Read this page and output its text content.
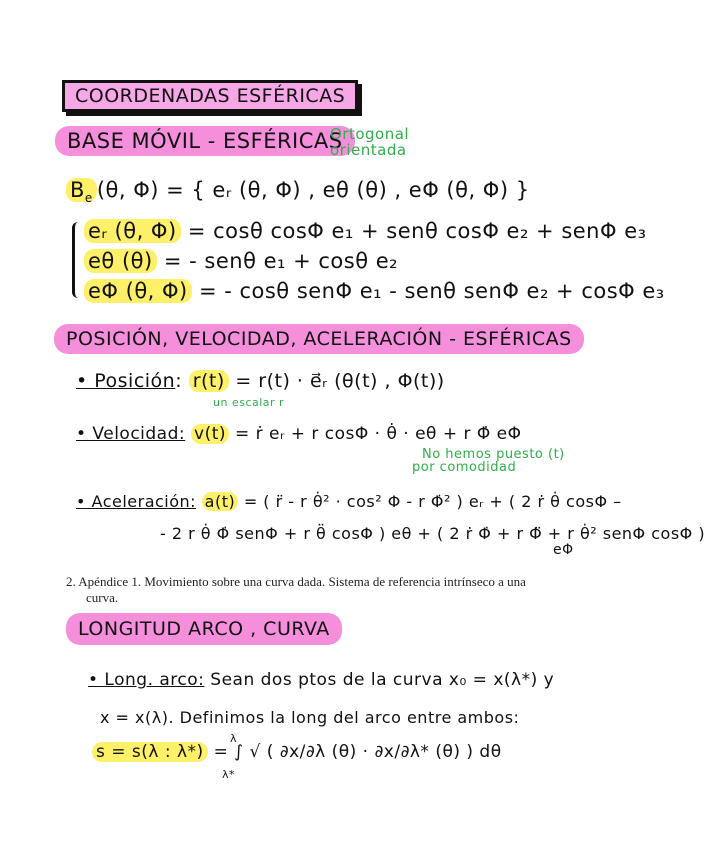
COORDENADAS ESFÉRICAS
BASE MÓVIL - ESFÉRICAS
Ortogonal
orientada
$B_e$ (θ, Φ) = { eᵣ (θ, Φ) , eθ (θ) , eΦ (θ, Φ) }
eᵣ (θ, Φ) = cosθ cosΦ e₁ + senθ cosΦ e₂ + senΦ e₃
eθ (θ) = - senθ e₁ + cosθ e₂
eΦ (θ, Φ) = - cosθ senΦ e₁ - senθ senΦ e₂ + cosΦ e₃
POSICIÓN, VELOCIDAD, ACELERACIÓN - ESFÉRICAS
• Posición: r(t) = r(t) · e⃗ᵣ (θ(t) , Φ(t))
un escalar r
• Velocidad: v(t) = ṙ eᵣ + r cosΦ · θ̇ · eθ + r Φ̇ eΦ
No hemos puesto (t)
por comodidad
• Aceleración: a(t) = ( r̈ - r θ̇² · cos² Φ - r Φ̇² ) eᵣ + ( 2 ṙ θ̇ cosΦ –
- 2 r θ̇ Φ̇ senΦ + r θ̈ cosΦ ) eθ + ( 2 ṙ Φ̇ + r Φ̈ + r θ̇² senΦ cosΦ )
eΦ
2. Apéndice 1. Movimiento sobre una curva dada. Sistema de referencia intrínseco a una
curva.
LONGITUD ARCO , CURVA
• Long. arco: Sean dos ptos de la curva x₀ = x(λ*) y
x = x(λ). Definimos la long del arco entre ambos:
s = s(λ : λ*) = ∫ √ ( ∂x/∂λ (θ) · ∂x/∂λ* (θ) ) dθ
λ
λ*
